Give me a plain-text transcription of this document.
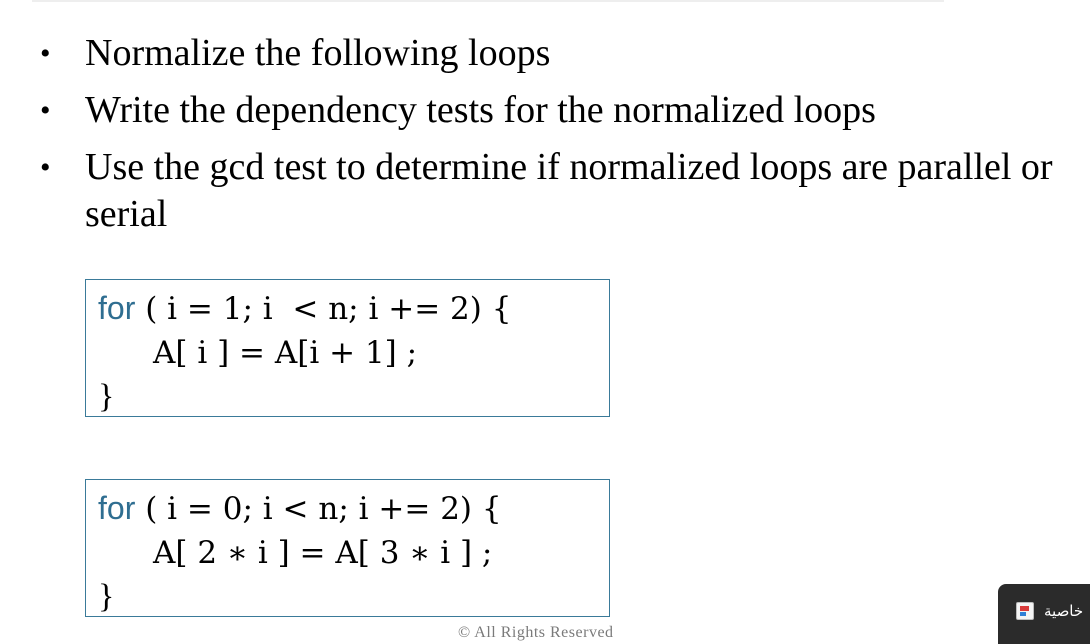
• Normalize the following loops
• Write the dependency tests for the normalized loops
• Use the gcd test to determine if normalized loops are parallel or serial
for ( i = 1; i  < n; i += 2) {
A[ i ] = A[i + 1] ;
}
for ( i = 0; i < n; i += 2) {
A[ 2 ∗ i ] = A[ 3 ∗ i ] ;
}
© All Rights Reserved
خاصية
